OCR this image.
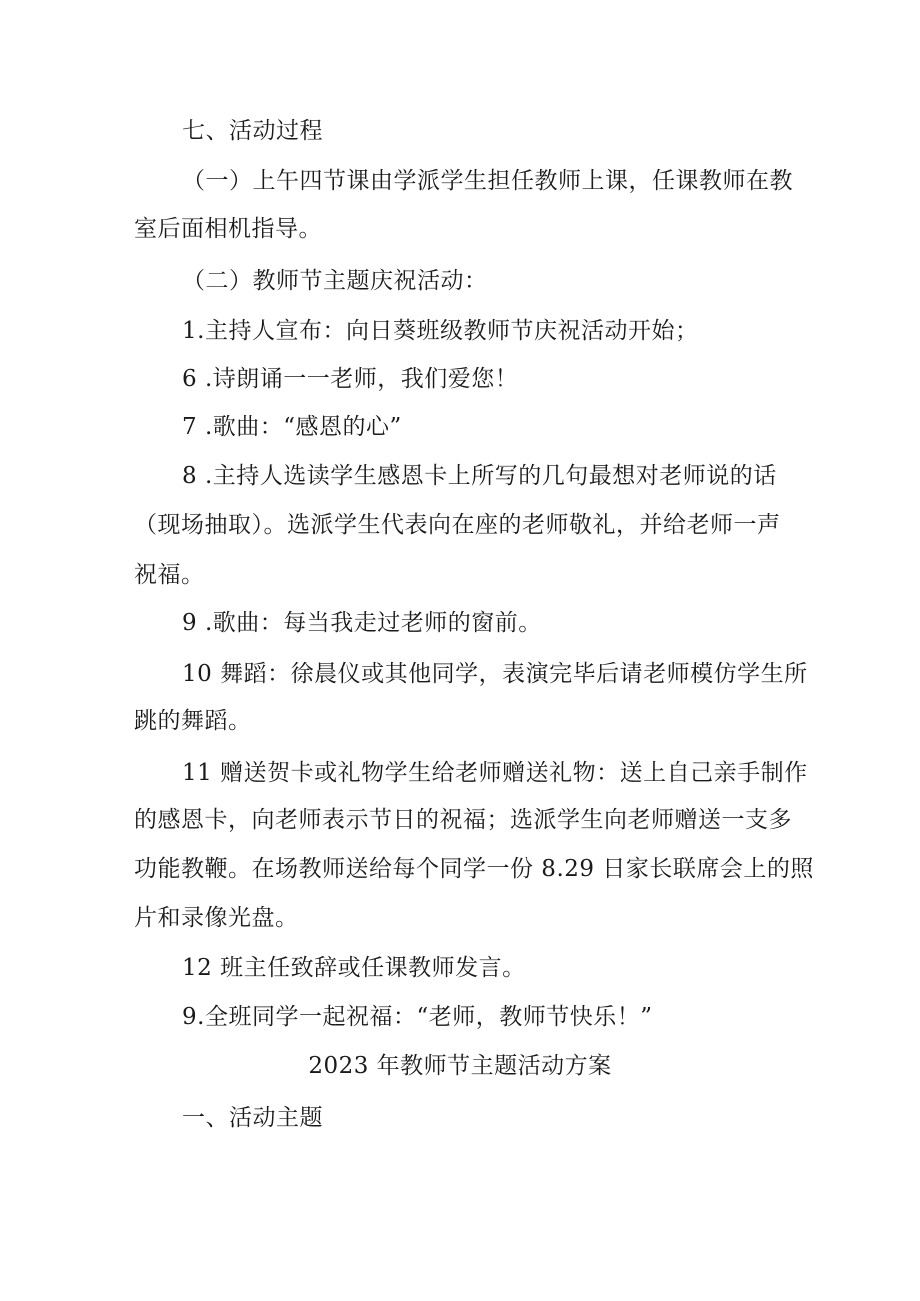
七、活动过程
（一）上午四节课由学派学生担任教师上课，任课教师在教
室后面相机指导。
（二）教师节主题庆祝活动：
1.主持人宣布：向日葵班级教师节庆祝活动开始；
6 .诗朗诵一一老师，我们爱您！
7 .歌曲：“感恩的心”
8 .主持人选读学生感恩卡上所写的几句最想对老师说的话
（现场抽取）。选派学生代表向在座的老师敬礼，并给老师一声
祝福。
9 .歌曲：每当我走过老师的窗前。
10 舞蹈：徐晨仪或其他同学，表演完毕后请老师模仿学生所
跳的舞蹈。
11 赠送贺卡或礼物学生给老师赠送礼物：送上自己亲手制作
的感恩卡，向老师表示节日的祝福；选派学生向老师赠送一支多
功能教鞭。在场教师送给每个同学一份 8.29 日家长联席会上的照
片和录像光盘。
12 班主任致辞或任课教师发言。
9.全班同学一起祝福：“老师，教师节快乐！”
2023 年教师节主题活动方案
一、活动主题
